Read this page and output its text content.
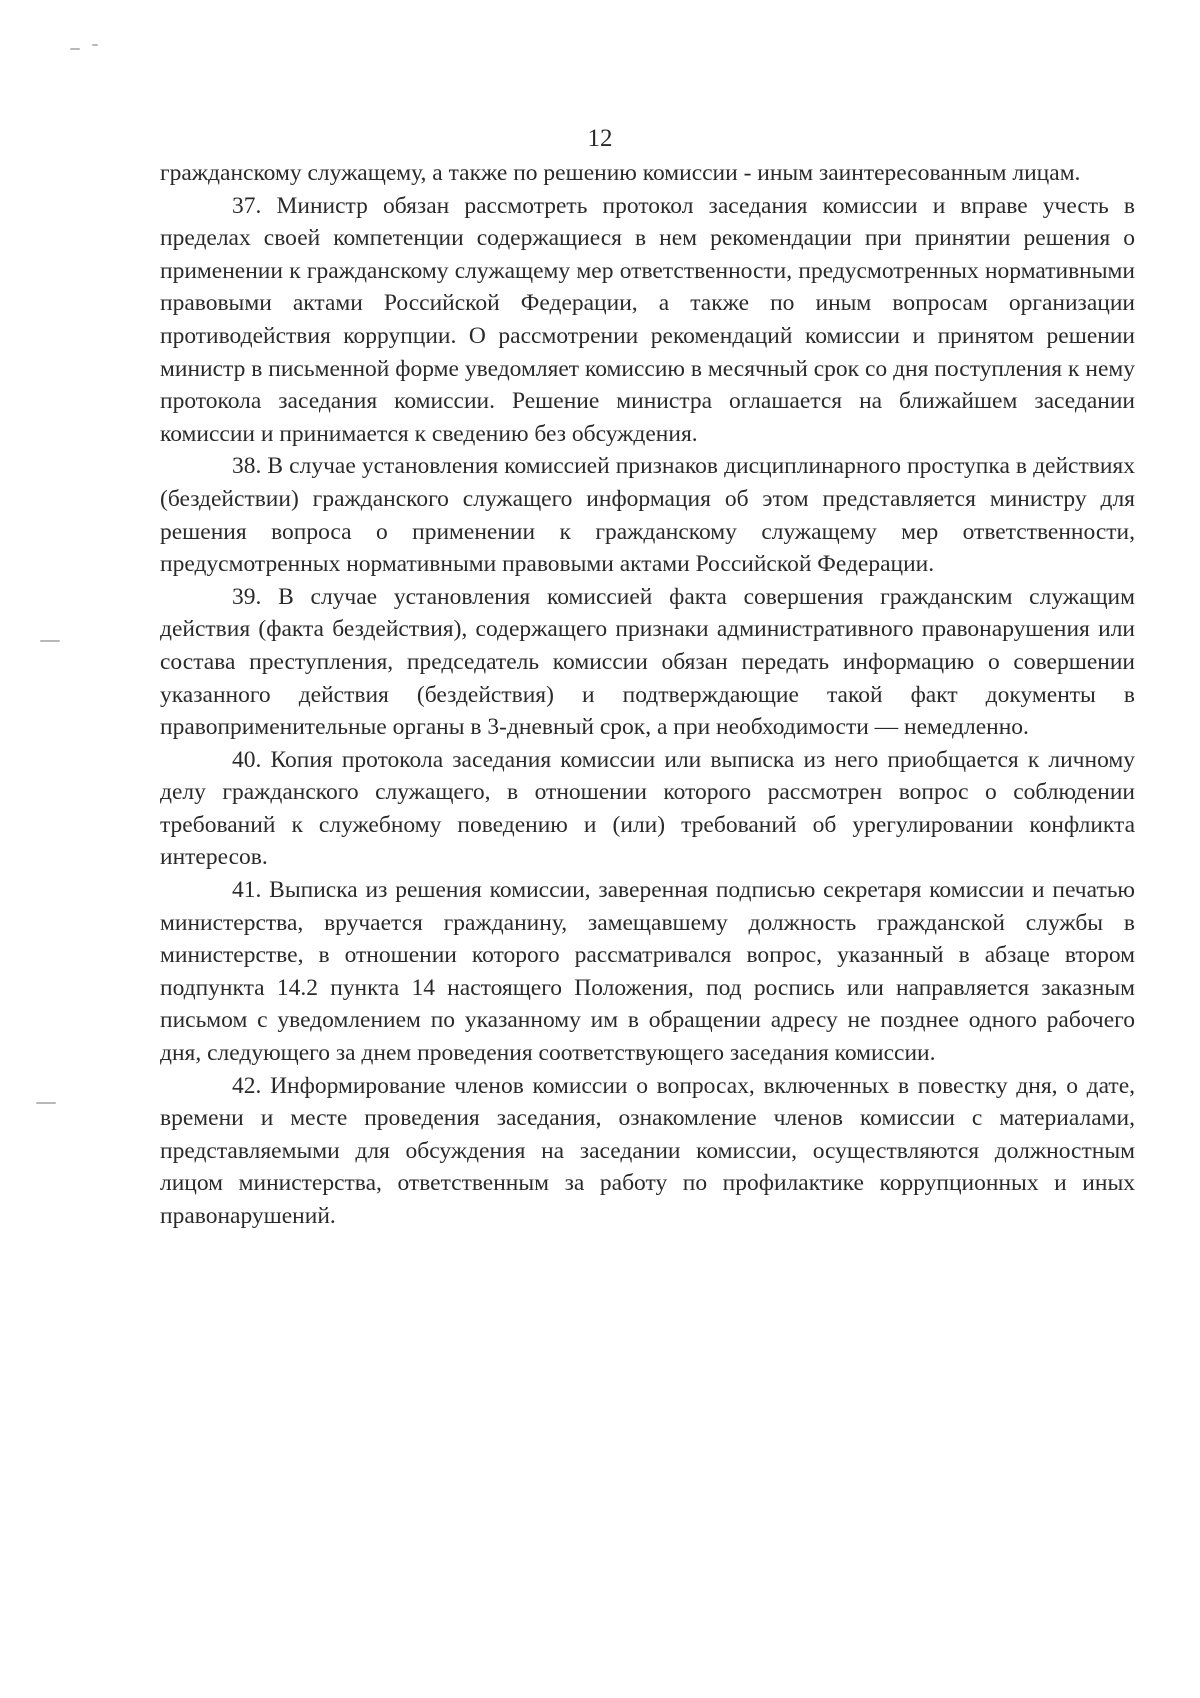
12

гражданскому служащему, а также по решению комиссии - иным заинтересованным лицам.

37. Министр обязан рассмотреть протокол заседания комиссии и вправе учесть в пределах своей компетенции содержащиеся в нем рекомендации при принятии решения о применении к гражданскому служащему мер ответственности, предусмотренных нормативными правовыми актами Российской Федерации, а также по иным вопросам организации противодействия коррупции. О рассмотрении рекомендаций комиссии и принятом решении министр в письменной форме уведомляет комиссию в месячный срок со дня поступления к нему протокола заседания комиссии. Решение министра оглашается на ближайшем заседании комиссии и принимается к сведению без обсуждения.

38. В случае установления комиссией признаков дисциплинарного проступка в действиях (бездействии) гражданского служащего информация об этом представляется министру для решения вопроса о применении к гражданскому служащему мер ответственности, предусмотренных нормативными правовыми актами Российской Федерации.

39. В случае установления комиссией факта совершения гражданским служащим действия (факта бездействия), содержащего признаки административного правонарушения или состава преступления, председатель комиссии обязан передать информацию о совершении указанного действия (бездействия) и подтверждающие такой факт документы в правоприменительные органы в 3-дневный срок, а при необходимости — немедленно.

40. Копия протокола заседания комиссии или выписка из него приобщается к личному делу гражданского служащего, в отношении которого рассмотрен вопрос о соблюдении требований к служебному поведению и (или) требований об урегулировании конфликта интересов.

41. Выписка из решения комиссии, заверенная подписью секретаря комиссии и печатью министерства, вручается гражданину, замещавшему должность гражданской службы в министерстве, в отношении которого рассматривался вопрос, указанный в абзаце втором подпункта 14.2 пункта 14 настоящего Положения, под роспись или направляется заказным письмом с уведомлением по указанному им в обращении адресу не позднее одного рабочего дня, следующего за днем проведения соответствующего заседания комиссии.

42. Информирование членов комиссии о вопросах, включенных в повестку дня, о дате, времени и месте проведения заседания, ознакомление членов комиссии с материалами, представляемыми для обсуждения на заседании комиссии, осуществляются должностным лицом министерства, ответственным за работу по профилактике коррупционных и иных правонарушений.
